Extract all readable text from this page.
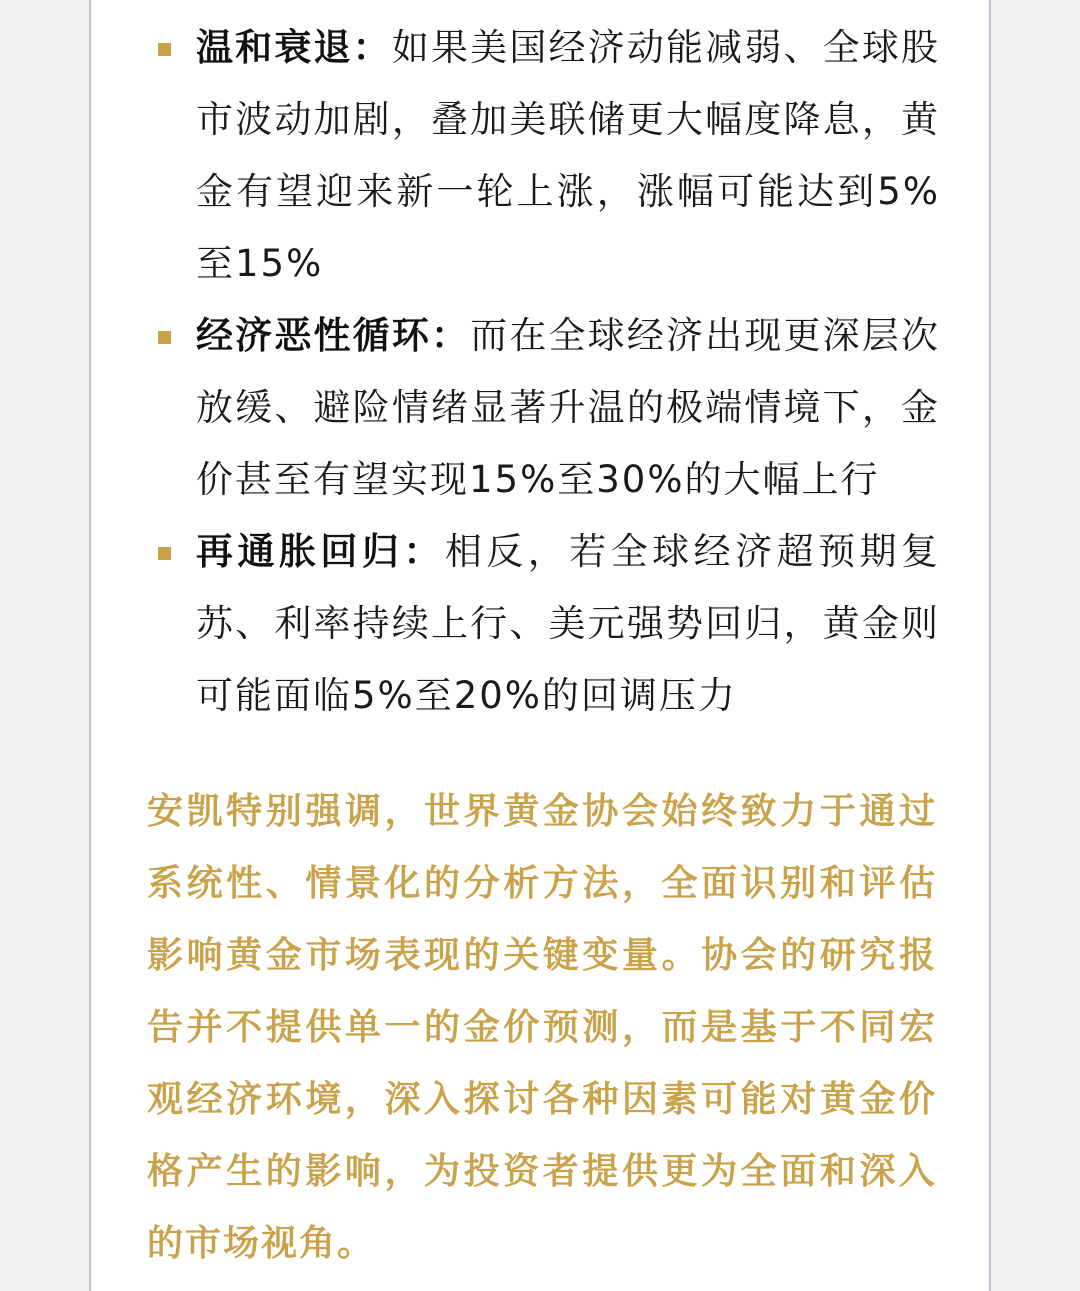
温和衰退：如果美国经济动能减弱、全球股市波动加剧，叠加美联储更大幅度降息，黄金有望迎来新一轮上涨，涨幅可能达到5%至15%
经济恶性循环：而在全球经济出现更深层次放缓、避险情绪显著升温的极端情境下，金价甚至有望实现15%至30%的大幅上行
再通胀回归：相反，若全球经济超预期复苏、利率持续上行、美元强势回归，黄金则可能面临5%至20%的回调压力

安凯特别强调，世界黄金协会始终致力于通过系统性、情景化的分析方法，全面识别和评估影响黄金市场表现的关键变量。协会的研究报告并不提供单一的金价预测，而是基于不同宏观经济环境，深入探讨各种因素可能对黄金价格产生的影响，为投资者提供更为全面和深入的市场视角。
